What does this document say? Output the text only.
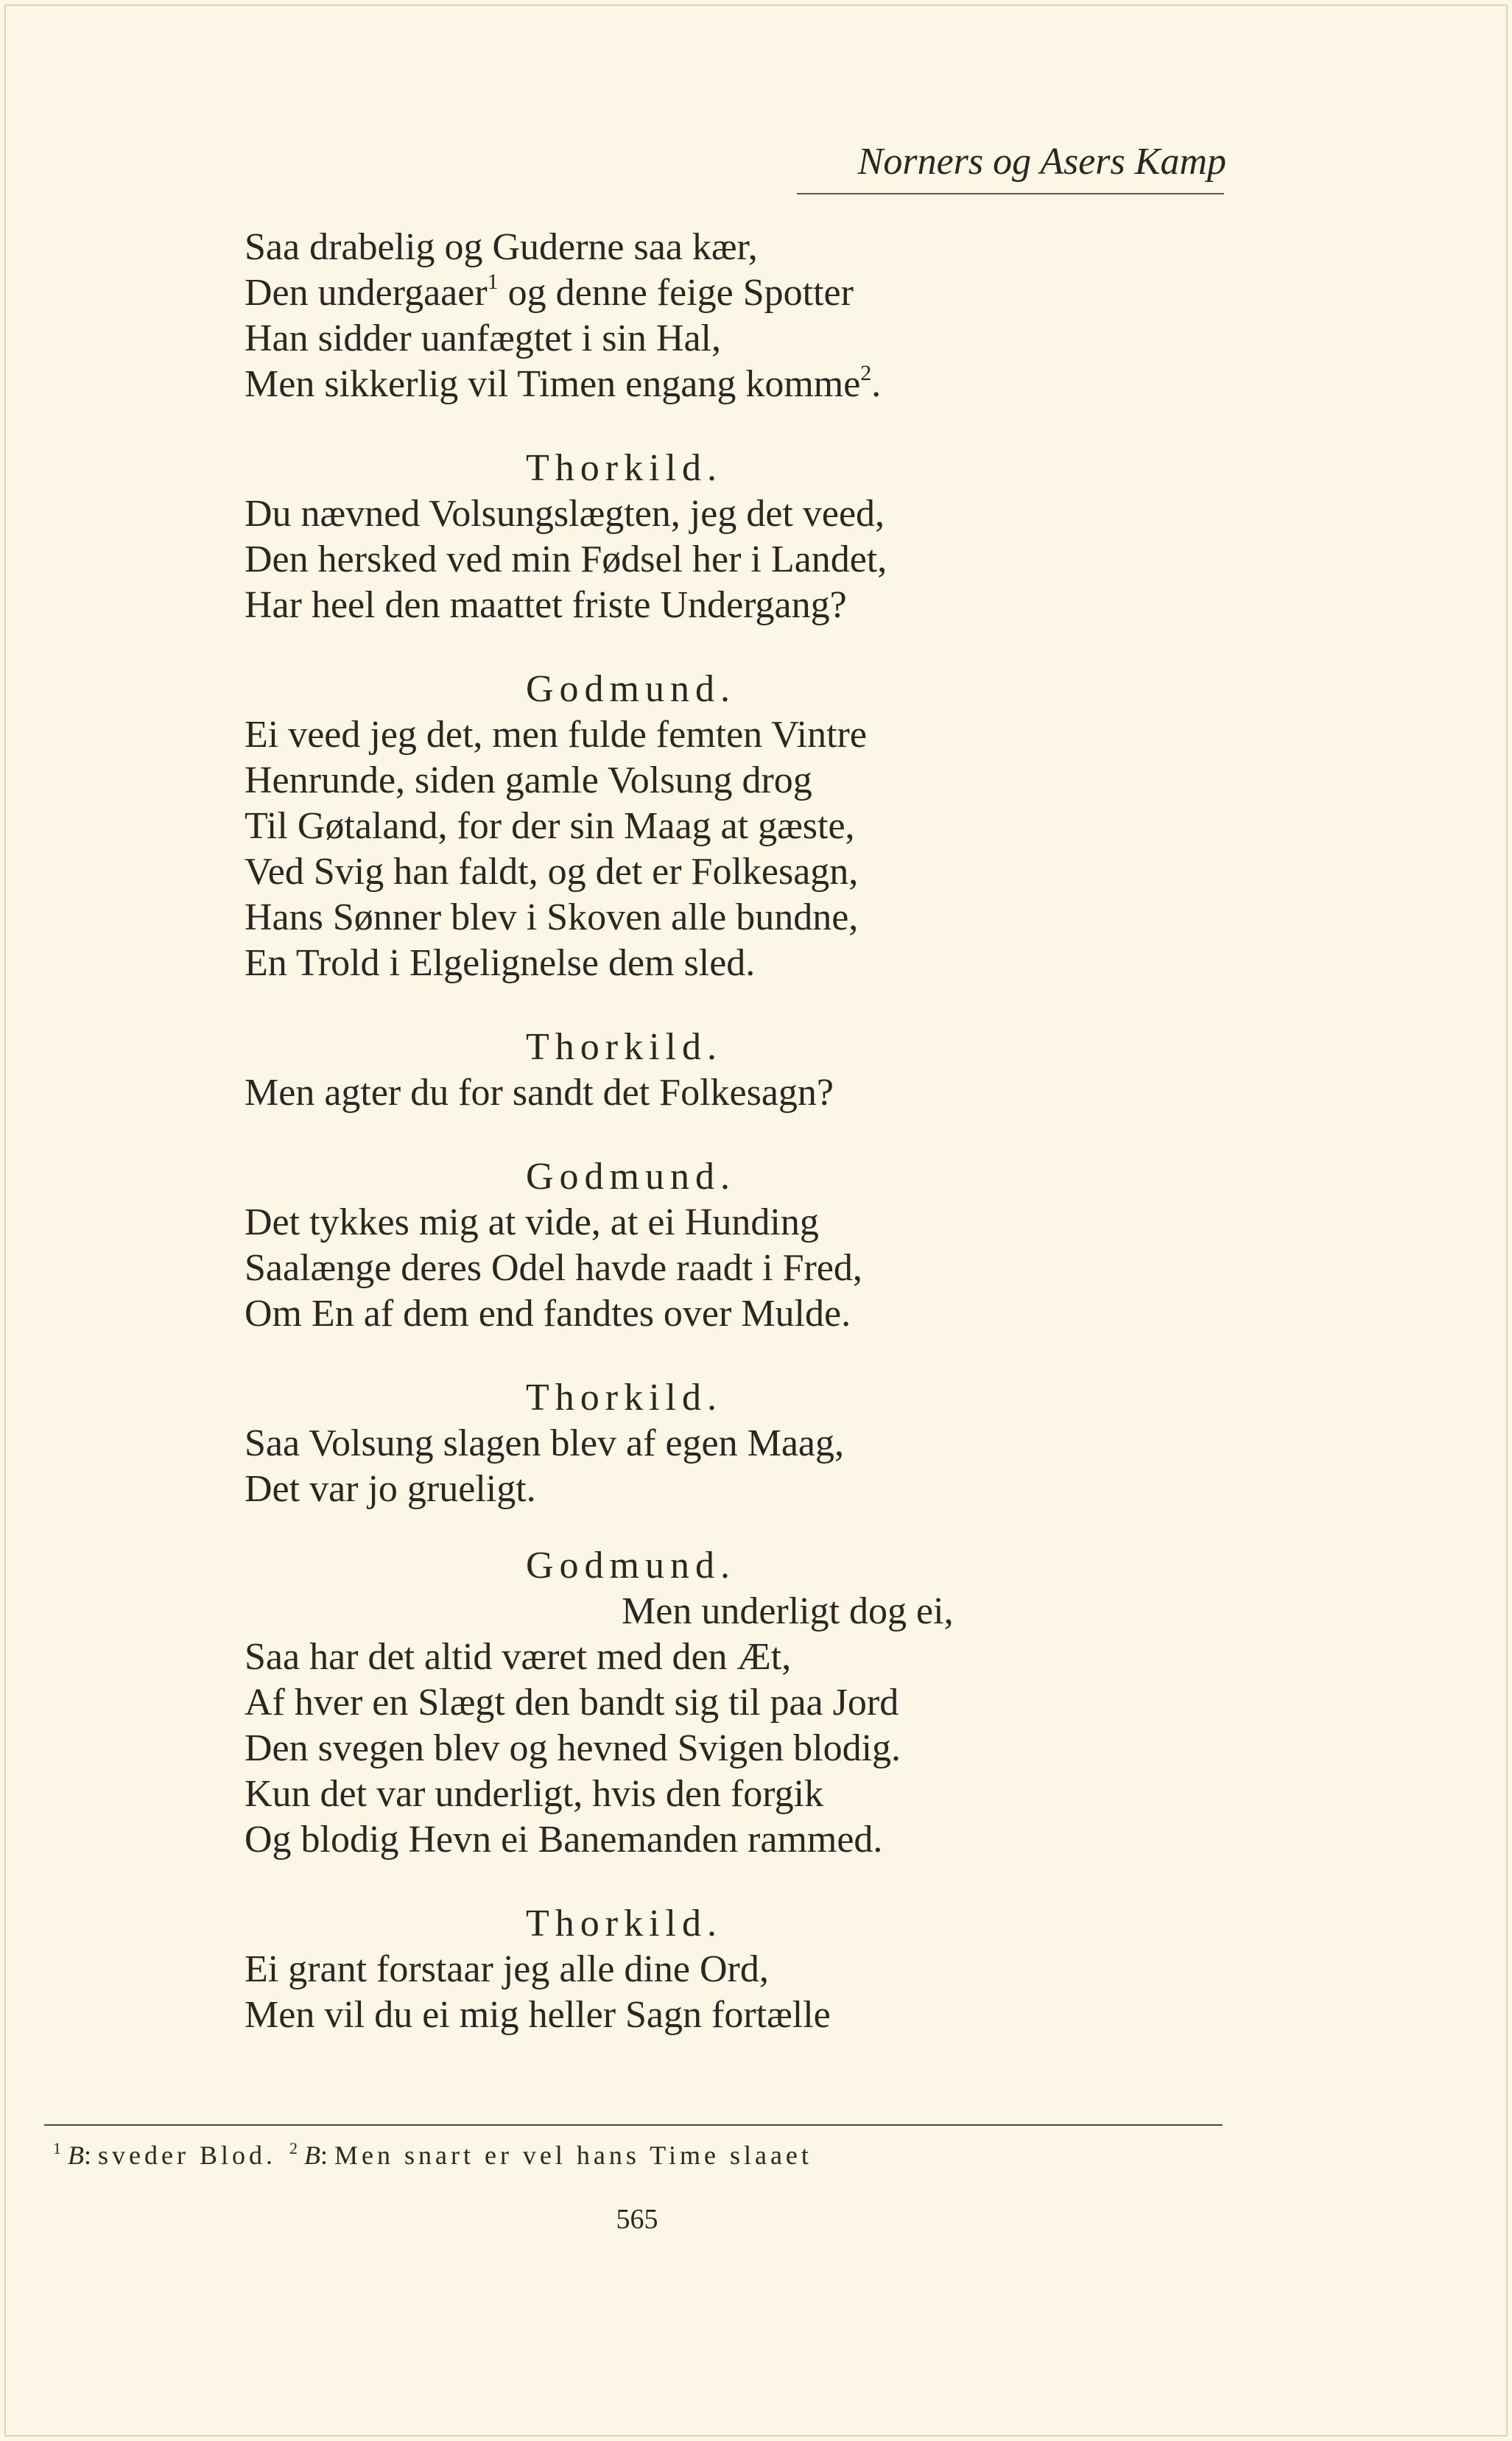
Norners og Asers Kamp
Saa drabelig og Guderne saa kær,
Den undergaaer$^1$ og denne feige Spotter
Han sidder uanfægtet i sin Hal,
Men sikkerlig vil Timen engang komme$^2$.
Thorkild.
Du nævned Volsungslægten, jeg det veed,
Den hersked ved min Fødsel her i Landet,
Har heel den maattet friste Undergang?
Godmund.
Ei veed jeg det, men fulde femten Vintre
Henrunde, siden gamle Volsung drog
Til Gøtaland, for der sin Maag at gæste,
Ved Svig han faldt, og det er Folkesagn,
Hans Sønner blev i Skoven alle bundne,
En Trold i Elgelignelse dem sled.
Thorkild.
Men agter du for sandt det Folkesagn?
Godmund.
Det tykkes mig at vide, at ei Hunding
Saalænge deres Odel havde raadt i Fred,
Om En af dem end fandtes over Mulde.
Thorkild.
Saa Volsung slagen blev af egen Maag,
Det var jo grueligt.
Godmund.
Men underligt dog ei,
Saa har det altid været med den Æt,
Af hver en Slægt den bandt sig til paa Jord
Den svegen blev og hevned Svigen blodig.
Kun det var underligt, hvis den forgik
Og blodig Hevn ei Banemanden rammed.
Thorkild.
Ei grant forstaar jeg alle dine Ord,
Men vil du ei mig heller Sagn fortælle
$^1$ B: sveder Blod. $^2$ B: Men snart er vel hans Time slaaet
565
